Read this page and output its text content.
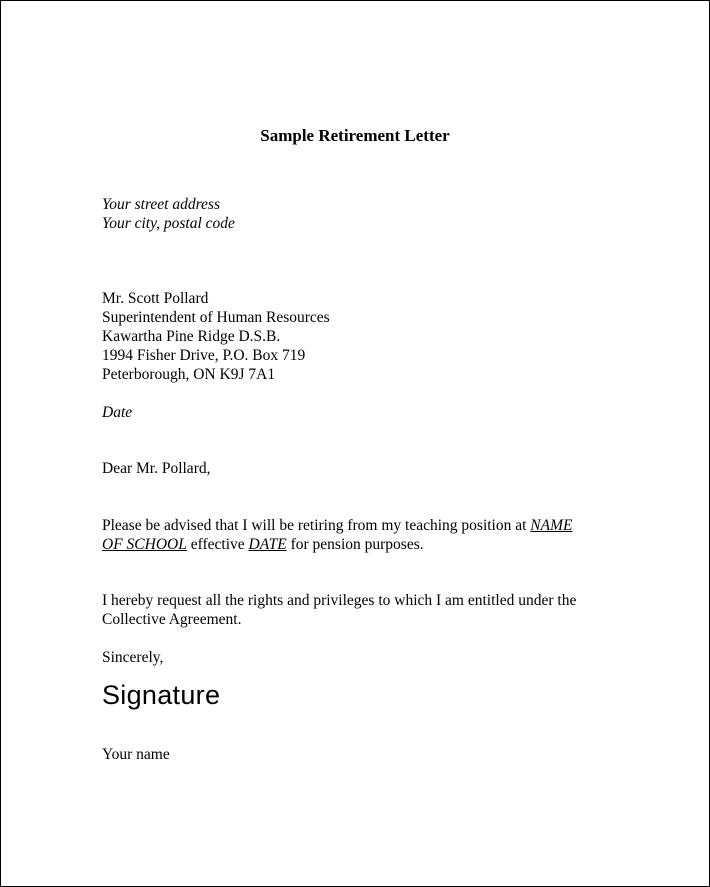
Sample Retirement Letter
Your street address
Your city, postal code
Mr. Scott Pollard
Superintendent of Human Resources
Kawartha Pine Ridge D.S.B.
1994 Fisher Drive, P.O. Box 719
Peterborough, ON K9J 7A1
Date
Dear Mr. Pollard,
Please be advised that I will be retiring from my teaching position at NAME
OF SCHOOL effective DATE for pension purposes.
I hereby request all the rights and privileges to which I am entitled under the
Collective Agreement.
Sincerely,
Signature
Your name
